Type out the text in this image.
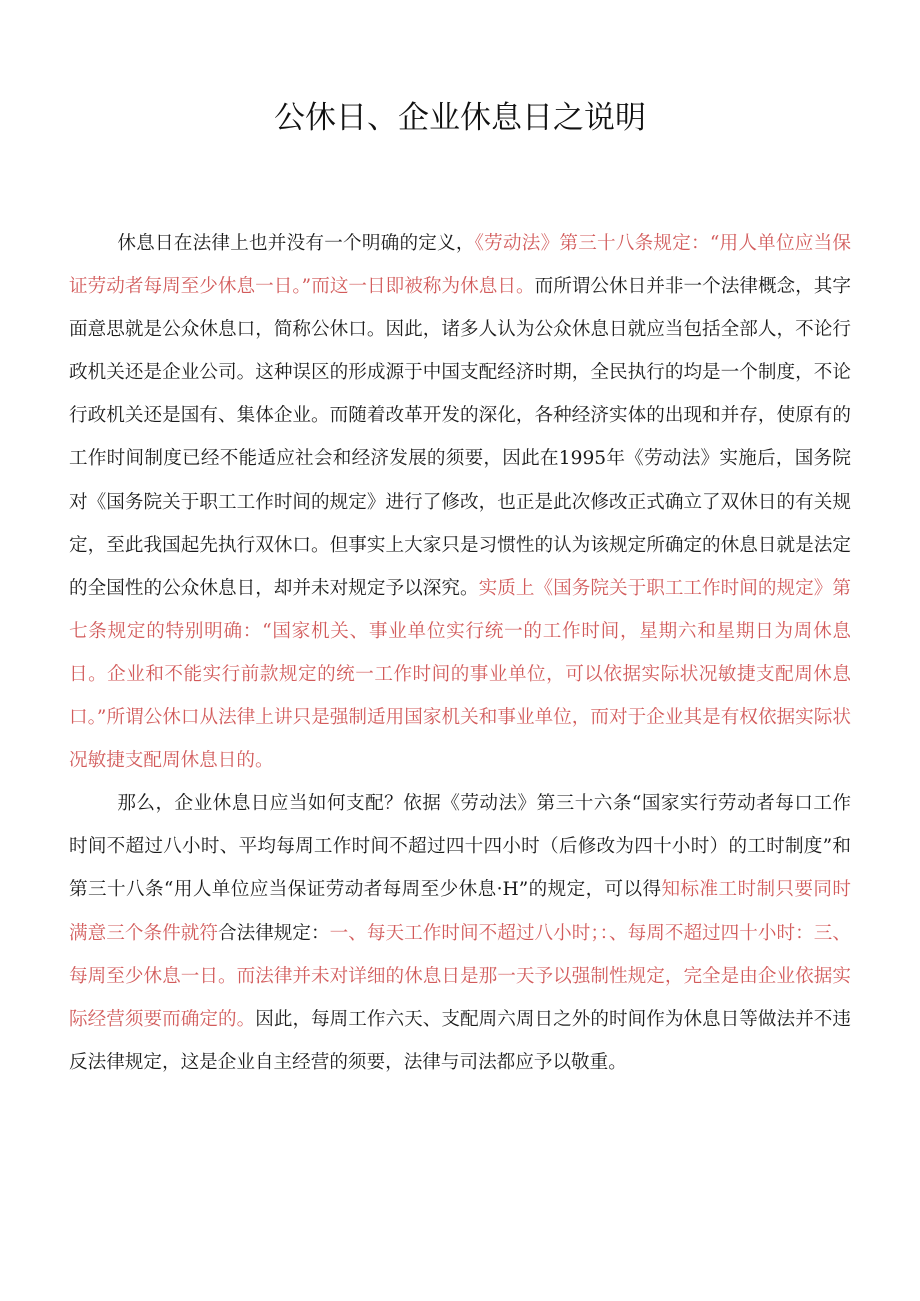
公休日、企业休息日之说明

休息日在法律上也并没有一个明确的定义，《劳动法》第三十八条规定：“用人单位应当保证劳动者每周至少休息一日。”而这一日即被称为休息日。而所谓公休日并非一个法律概念，其字面意思就是公众休息口，简称公休口。因此，诸多人认为公众休息日就应当包括全部人，不论行政机关还是企业公司。这种误区的形成源于中国支配经济时期，全民执行的均是一个制度，不论行政机关还是国有、集体企业。而随着改革开发的深化，各种经济实体的出现和并存，使原有的工作时间制度已经不能适应社会和经济发展的须要，因此在1995年《劳动法》实施后，国务院对《国务院关于职工工作时间的规定》进行了修改，也正是此次修改正式确立了双休日的有关规定，至此我国起先执行双休口。但事实上大家只是习惯性的认为该规定所确定的休息日就是法定的全国性的公众休息日，却并未对规定予以深究。实质上《国务院关于职工工作时间的规定》第七条规定的特别明确：“国家机关、事业单位实行统一的工作时间，星期六和星期日为周休息日。企业和不能实行前款规定的统一工作时间的事业单位，可以依据实际状况敏捷支配周休息口。”所谓公休口从法律上讲只是强制适用国家机关和事业单位，而对于企业其是有权依据实际状况敏捷支配周休息日的。

那么，企业休息日应当如何支配？依据《劳动法》第三十六条“国家实行劳动者每口工作时间不超过八小时、平均每周工作时间不超过四十四小时（后修改为四十小时）的工时制度”和第三十八条“用人单位应当保证劳动者每周至少休息·H”的规定，可以得知标准工时制只要同时满意三个条件就符合法律规定：一、每天工作时间不超过八小时；：、每周不超过四十小时：三、每周至少休息一日。而法律并未对详细的休息日是那一天予以强制性规定，完全是由企业依据实际经营须要而确定的。因此，每周工作六天、支配周六周日之外的时间作为休息日等做法并不违反法律规定，这是企业自主经营的须要，法律与司法都应予以敬重。
